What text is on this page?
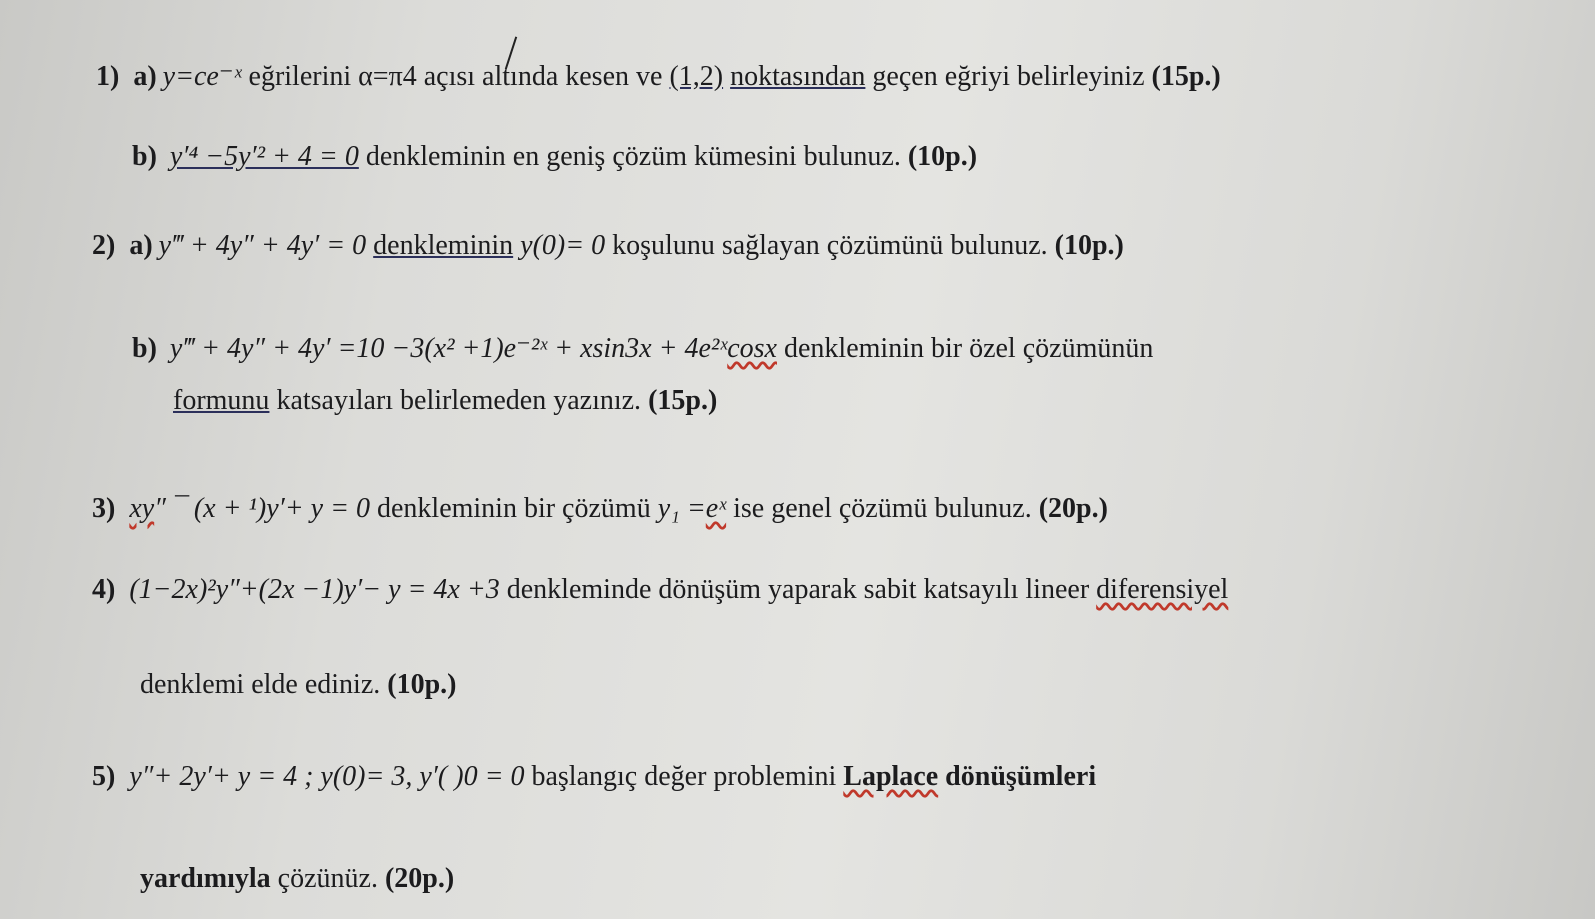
1) a) y=ce⁻ˣ eğrilerini α=π4 açısı altında kesen ve (1,2) noktasından geçen eğriyi belirleyiniz (15p.)
b) y′⁴ −5y′² + 4 = 0 denkleminin en geniş çözüm kümesini bulunuz. (10p.)
2) a) y‴ + 4y″ + 4y′ = 0 denkleminin y(0)= 0 koşulunu sağlayan çözümünü bulunuz. (10p.)
b) y‴ + 4y″ + 4y′ =10 −3(x² +1)e⁻²ˣ + xsin3x + 4e²ˣcosx denkleminin bir özel çözümünün
formunu katsayıları belirlemeden yazınız. (15p.)
3) xy″ ¯ (x + ¹)y′+ y = 0 denkleminin bir çözümü y₁ =eˣ ise genel çözümü bulunuz. (20p.)
4) (1−2x)²y″+(2x −1)y′− y = 4x +3 denkleminde dönüşüm yaparak sabit katsayılı lineer diferensiyel
denklemi elde ediniz. (10p.)
5) y″+ 2y′+ y = 4 ; y(0)= 3, y′( )0 = 0 başlangıç değer problemini Laplace dönüşümleri
yardımıyla çözünüz. (20p.)
